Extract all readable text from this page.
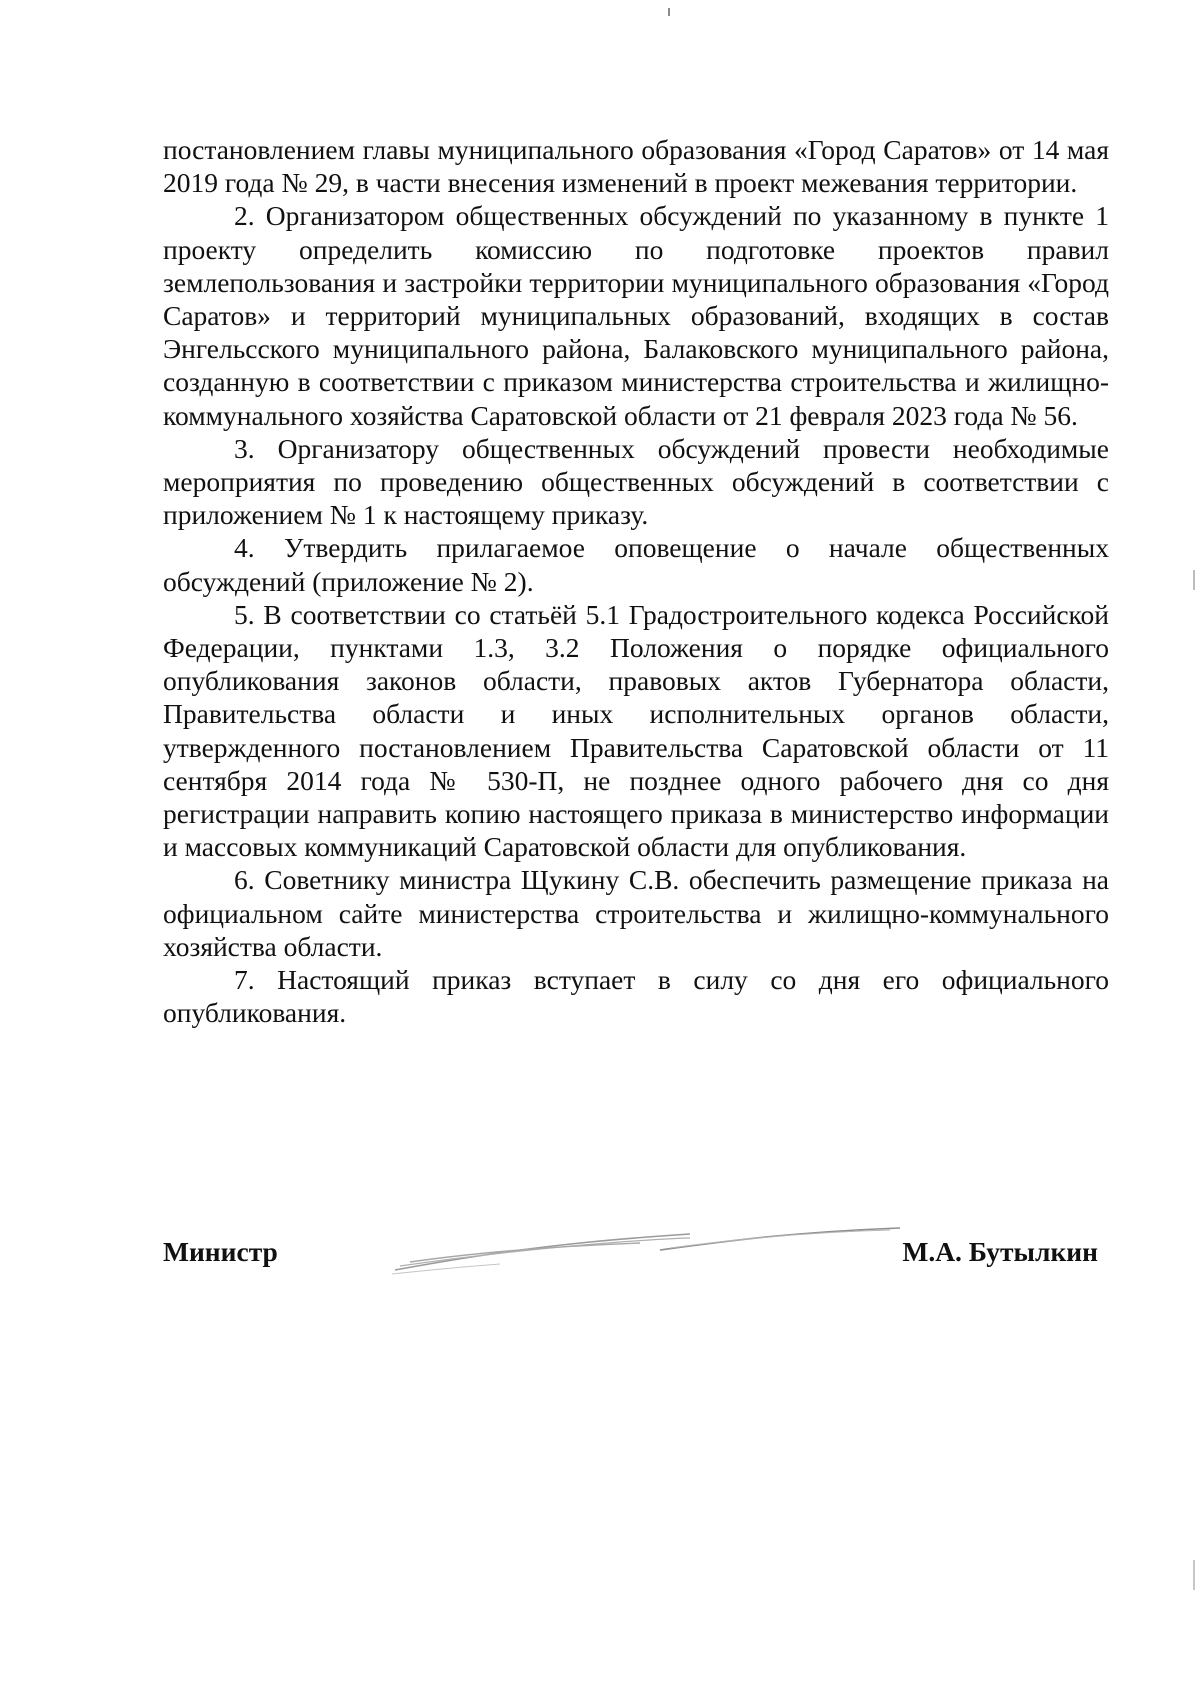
постановлением главы муниципального образования «Город Саратов» от 14 мая 2019 года № 29, в части внесения изменений в проект межевания территории.

2. Организатором общественных обсуждений по указанному в пункте 1 проекту определить комиссию по подготовке проектов правил землепользования и застройки территории муниципального образования «Город Саратов» и территорий муниципальных образований, входящих в состав Энгельсского муниципального района, Балаковского муниципального района, созданную в соответствии с приказом министерства строительства и жилищно-коммунального хозяйства Саратовской области от 21 февраля 2023 года № 56.

3. Организатору общественных обсуждений провести необходимые мероприятия по проведению общественных обсуждений в соответствии с приложением № 1 к настоящему приказу.

4. Утвердить прилагаемое оповещение о начале общественных обсуждений (приложение № 2).

5. В соответствии со статьёй 5.1 Градостроительного кодекса Российской Федерации, пунктами 1.3, 3.2 Положения о порядке официального опубликования законов области, правовых актов Губернатора области, Правительства области и иных исполнительных органов области, утвержденного постановлением Правительства Саратовской области от 11 сентября 2014 года № 530-П, не позднее одного рабочего дня со дня регистрации направить копию настоящего приказа в министерство информации и массовых коммуникаций Саратовской области для опубликования.

6. Советнику министра Щукину С.В. обеспечить размещение приказа на официальном сайте министерства строительства и жилищно-коммунального хозяйства области.

7. Настоящий приказ вступает в силу со дня его официального опубликования.

Министр	М.А. Бутылкин
